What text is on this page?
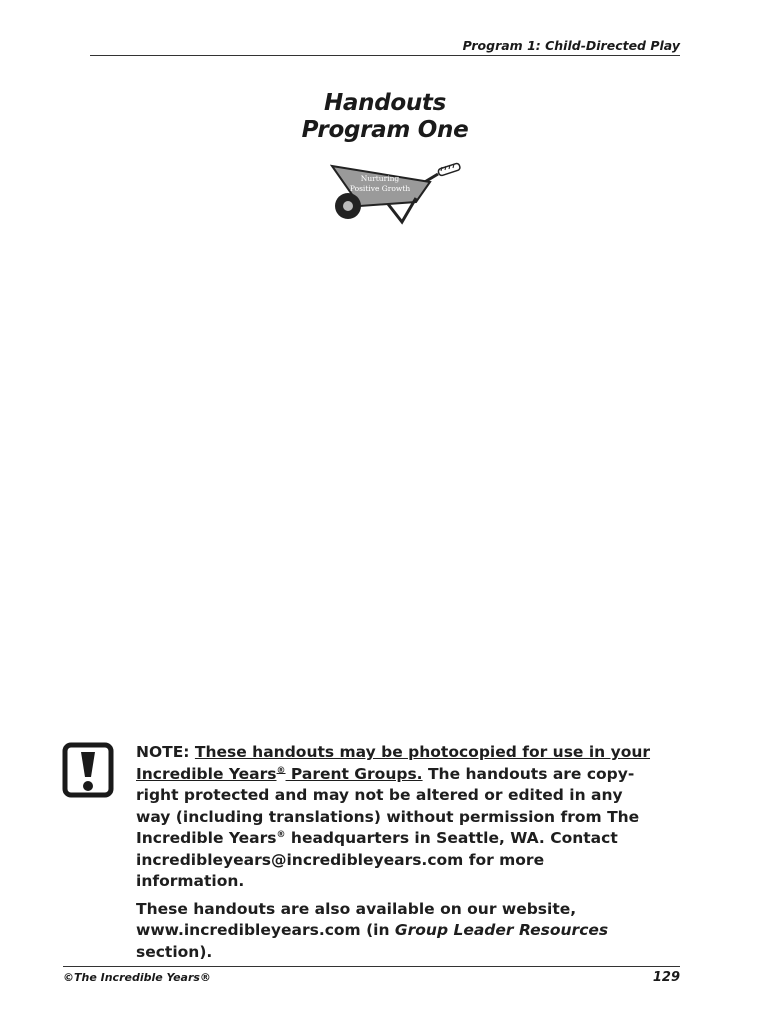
Program 1: Child-Directed Play
Handouts
Program One
Nurturing
Positive Growth

NOTE: These handouts may be photocopied for use in your Incredible Years® Parent Groups. The handouts are copy-right protected and may not be altered or edited in any way (including translations) without permission from The Incredible Years® headquarters in Seattle, WA. Contact incredibleyears@incredibleyears.com for more information.

These handouts are also available on our website, www.incredibleyears.com (in Group Leader Resources section).

©The Incredible Years®	129
